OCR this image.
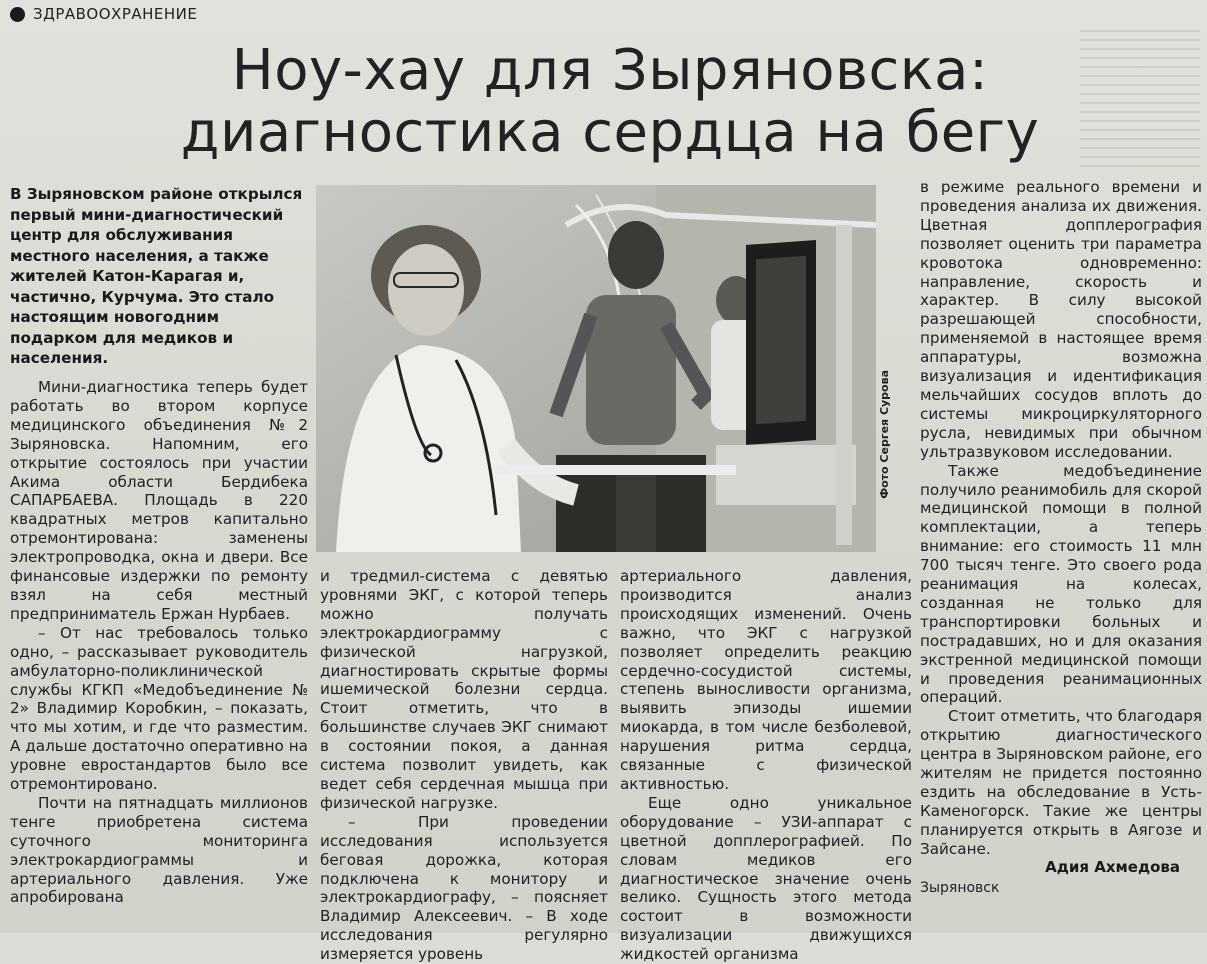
ЗДРАВООХРАНЕНИЕ
Ноу-хау для Зыряновска:
диагностика сердца на бегу
В Зыряновском районе открылся первый мини-диагностический центр для обслуживания местного населения, а также жителей Катон-Карагая и, частично, Курчума. Это стало настоящим новогодним подарком для медиков и населения.

Мини-диагностика теперь будет работать во втором корпусе медицинского объединения №2 Зыряновска. Напомним, его открытие состоялось при участии Акима области Бердибека САПАРБАЕВА. Площадь в 220 квадратных метров капитально отремонтирована: заменены электропроводка, окна и двери. Все финансовые издержки по ремонту взял на себя местный предприниматель Ержан Нурбаев.

– От нас требовалось только одно, – рассказывает руководитель амбулаторно-поликлинической службы КГКП «Медобъединение № 2» Владимир Коробкин, – показать, что мы хотим, и где что разместим. А дальше достаточно оперативно на уровне евростандартов было все отремонтировано.

Почти на пятнадцать миллионов тенге приобретена система суточного мониторинга электрокардиограммы и артериального давления. Уже апробирована

Фото Сергея Сурова

и тредмил-система с девятью уровнями ЭКГ, с которой теперь можно получать электрокардиограмму с физической нагрузкой, диагностировать скрытые формы ишемической болезни сердца. Стоит отметить, что в большинстве случаев ЭКГ снимают в состоянии покоя, а данная система позволит увидеть, как ведет себя сердечная мышца при физической нагрузке.

– При проведении исследования используется беговая дорожка, которая подключена к монитору и электрокардиографу, – поясняет Владимир Алексеевич. – В ходе исследования регулярно измеряется уровень

артериального давления, производится анализ происходящих изменений. Очень важно, что ЭКГ с нагрузкой позволяет определить реакцию сердечно-сосудистой системы, степень выносливости организма, выявить эпизоды ишемии миокарда, в том числе безболевой, нарушения ритма сердца, связанные с физической активностью.

Еще одно уникальное оборудование – УЗИ-аппарат с цветной допплерографией. По словам медиков его диагностическое значение очень велико. Сущность этого метода состоит в возможности визуализации движущихся жидкостей организма

в режиме реального времени и проведения анализа их движения. Цветная допплерография позволяет оценить три параметра кровотока одновременно: направление, скорость и характер. В силу высокой разрешающей способности, применяемой в настоящее время аппаратуры, возможна визуализация и идентификация мельчайших сосудов вплоть до системы микроциркуляторного русла, невидимых при обычном ультразвуковом исследовании.

Также медобъединение получило реанимобиль для скорой медицинской помощи в полной комплектации, а теперь внимание: его стоимость 11 млн 700 тысяч тенге. Это своего рода реанимация на колесах, созданная не только для транспортировки больных и пострадавших, но и для оказания экстренной медицинской помощи и проведения реанимационных операций.

Стоит отметить, что благодаря открытию диагностического центра в Зыряновском районе, его жителям не придется постоянно ездить на обследование в Усть-Каменогорск. Такие же центры планируется открыть в Аягозе и Зайсане.

Адия Ахмедова
Зыряновск
